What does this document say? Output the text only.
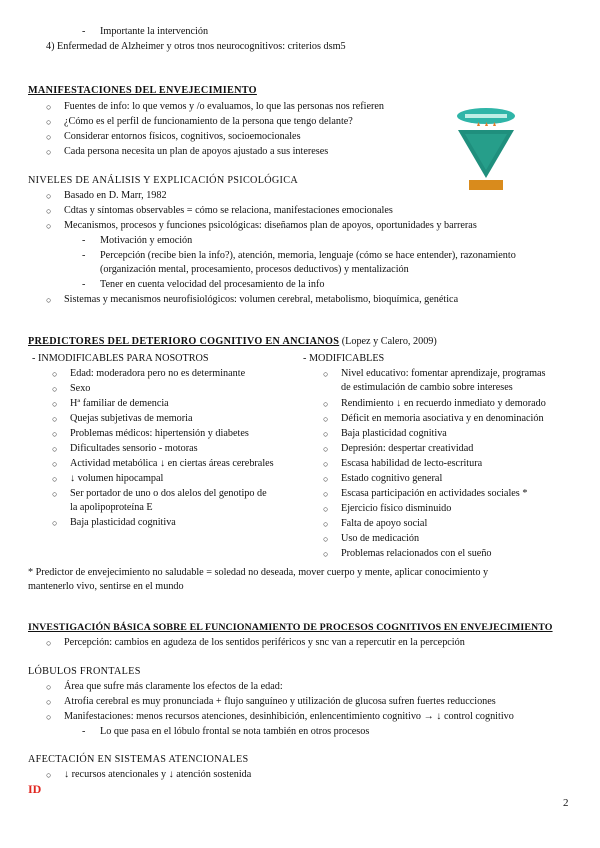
- Importante la intervención
4) Enfermedad de Alzheimer y otros tnos neurocognitivos: criterios dsm5
MANIFESTACIONES DEL ENVEJECIMIENTO
○ Fuentes de info: lo que vemos y /o evaluamos, lo que las personas nos refieren
○ ¿Cómo es el perfil de funcionamiento de la persona que tengo delante?
○ Considerar entornos físicos, cognitivos, socioemocionales
○ Cada persona necesita un plan de apoyos ajustado a sus intereses
NIVELES DE ANÁLISIS Y EXPLICACIÓN PSICOLÓGICA
○ Basado en D. Marr, 1982
○ Cdtas y síntomas observables = cómo se relaciona, manifestaciones emocionales
○ Mecanismos, procesos y funciones psicológicas: diseñamos plan de apoyos, oportunidades y barreras
- Motivación y emoción
- Percepción (recibe bien la info?), atención, memoria, lenguaje (cómo se hace entender), razonamiento
(organización mental, procesamiento, procesos deductivos) y mentalización
- Tener en cuenta velocidad del procesamiento de la info
○ Sistemas y mecanismos neurofisiológicos: volumen cerebral, metabolismo, bioquímica, genética
PREDICTORES DEL DETERIORO COGNITIVO EN ANCIANOS (Lopez y Calero, 2009)
- INMODIFICABLES PARA NOSOTROS	- MODIFICABLES
○ Edad: moderadora pero no es determinante
○ Sexo
○ Hª familiar de demencia
○ Quejas subjetivas de memoria
○ Problemas médicos: hipertensión y diabetes
○ Dificultades sensorio - motoras
○ Actividad metabólica ↓ en ciertas áreas cerebrales
○ ↓ volumen hipocampal
○ Ser portador de uno o dos alelos del genotipo de
la apolipoproteína E
○ Baja plasticidad cognitiva
○ Nivel educativo: fomentar aprendizaje, programas
de estimulación de cambio sobre intereses
○ Rendimiento ↓ en recuerdo inmediato y demorado
○ Déficit en memoria asociativa y en denominación
○ Baja plasticidad cognitiva
○ Depresión: despertar creatividad
○ Escasa habilidad de lecto-escritura
○ Estado cognitivo general
○ Escasa participación en actividades sociales *
○ Ejercicio físico disminuido
○ Falta de apoyo social
○ Uso de medicación
○ Problemas relacionados con el sueño
* Predictor de envejecimiento no saludable = soledad no deseada, mover cuerpo y mente, aplicar conocimiento y
mantenerlo vivo, sentirse en el mundo
INVESTIGACIÓN BÁSICA SOBRE EL FUNCIONAMIENTO DE PROCESOS COGNITIVOS EN ENVEJECIMIENTO
○ Percepción: cambios en agudeza de los sentidos periféricos y snc van a repercutir en la percepción
LÓBULOS FRONTALES
○ Área que sufre más claramente los efectos de la edad:
○ Atrofia cerebral es muy pronunciada + flujo sanguíneo y utilización de glucosa sufren fuertes reducciones
○ Manifestaciones: menos recursos atenciones, desinhibición, enlencentimiento cognitivo → ↓ control cognitivo
- Lo que pasa en el lóbulo frontal se nota también en otros procesos
AFECTACIÓN EN SISTEMAS ATENCIONALES
○ ↓ recursos atencionales y ↓ atención sostenida
ID
2
